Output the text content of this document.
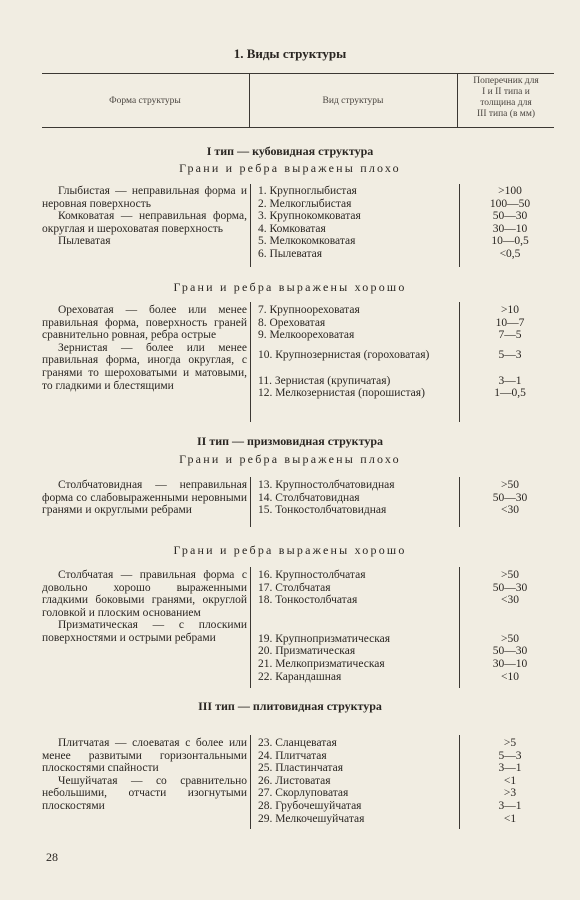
1. Виды структуры
Форма структуры	Вид структуры
Поперечник для
I и II типа и
толщина для
III типа (в мм)
I тип — кубовидная структура
Грани и ребра выражены плохо

Глыбистая — неправильная форма и неровная поверхность

Комковатая — неправильная форма, округлая и шероховатая поверхность

Пылеватая

1. Крупноглыбистая
2. Мелкоглыбистая
3. Крупнокомковатая
4. Комковатая
5. Мелкокомковатая
6. Пылеватая
>100
100—50
50—30
30—10
10—0,5
<0,5
Грани и ребра выражены хорошо

Ореховатая — более или менее правильная форма, поверхность граней сравнительно ровная, ребра острые

Зернистая — более или менее правильная форма, иногда округлая, с гранями то шероховатыми и матовыми, то гладкими и блестящими

7. Крупноореховатая
8. Ореховатая
9. Мелкоореховатая
10. Крупнозернистая (гороховатая)
11. Зернистая (крупичатая)
12. Мелкозернистая (порошистая)
>10
10—7
7—5
5—3
3—1
1—0,5
II тип — призмовидная структура
Грани и ребра выражены плохо

Столбчатовидная — неправильная форма со слабовыраженными неровными гранями и округлыми ребрами

13. Крупностолбчатовидная
14. Столбчатовидная
15. Тонкостолбчатовидная
>50
50—30
<30
Грани и ребра выражены хорошо

Столбчатая — правильная форма с довольно хорошо выраженными гладкими боковыми гранями, округлой головкой и плоским основанием

Призматическая — с плоскими поверхностями и острыми ребрами

16. Крупностолбчатая
17. Столбчатая
18. Тонкостолбчатая
19. Крупнопризматическая
20. Призматическая
21. Мелкопризматическая
22. Карандашная
>50
50—30
<30
>50
50—30
30—10
<10
III тип — плитовидная структура

Плитчатая — слоеватая с более или менее развитыми горизонтальными плоскостями спайности

Чешуйчатая — со сравнительно небольшими, отчасти изогнутыми плоскостями

23. Сланцеватая
24. Плитчатая
25. Пластинчатая
26. Листоватая
27. Скорлуповатая
28. Грубочешуйчатая
29. Мелкочешуйчатая
>5
5—3
3—1
<1
>3
3—1
<1
28
